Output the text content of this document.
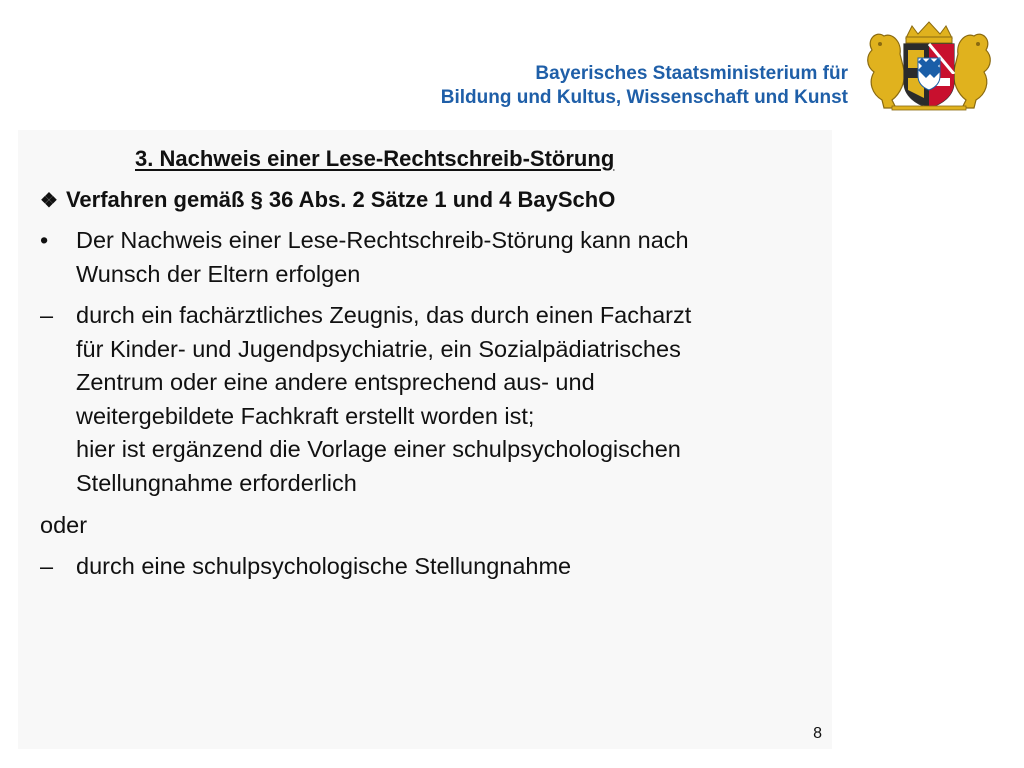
Bayerisches Staatsministerium für
Bildung und Kultus, Wissenschaft und Kunst
3. Nachweis einer Lese-Rechtschreib-Störung
❖ Verfahren gemäß § 36 Abs. 2 Sätze 1 und 4 BaySchO
• Der Nachweis einer Lese-Rechtschreib-Störung kann nach
Wunsch der Eltern erfolgen
– durch ein fachärztliches Zeugnis, das durch einen Facharzt
für Kinder- und Jugendpsychiatrie, ein Sozialpädiatrisches
Zentrum oder eine andere entsprechend aus- und
weitergebildete Fachkraft erstellt worden ist;
hier ist ergänzend die Vorlage einer schulpsychologischen
Stellungnahme erforderlich
oder
– durch eine schulpsychologische Stellungnahme
8
